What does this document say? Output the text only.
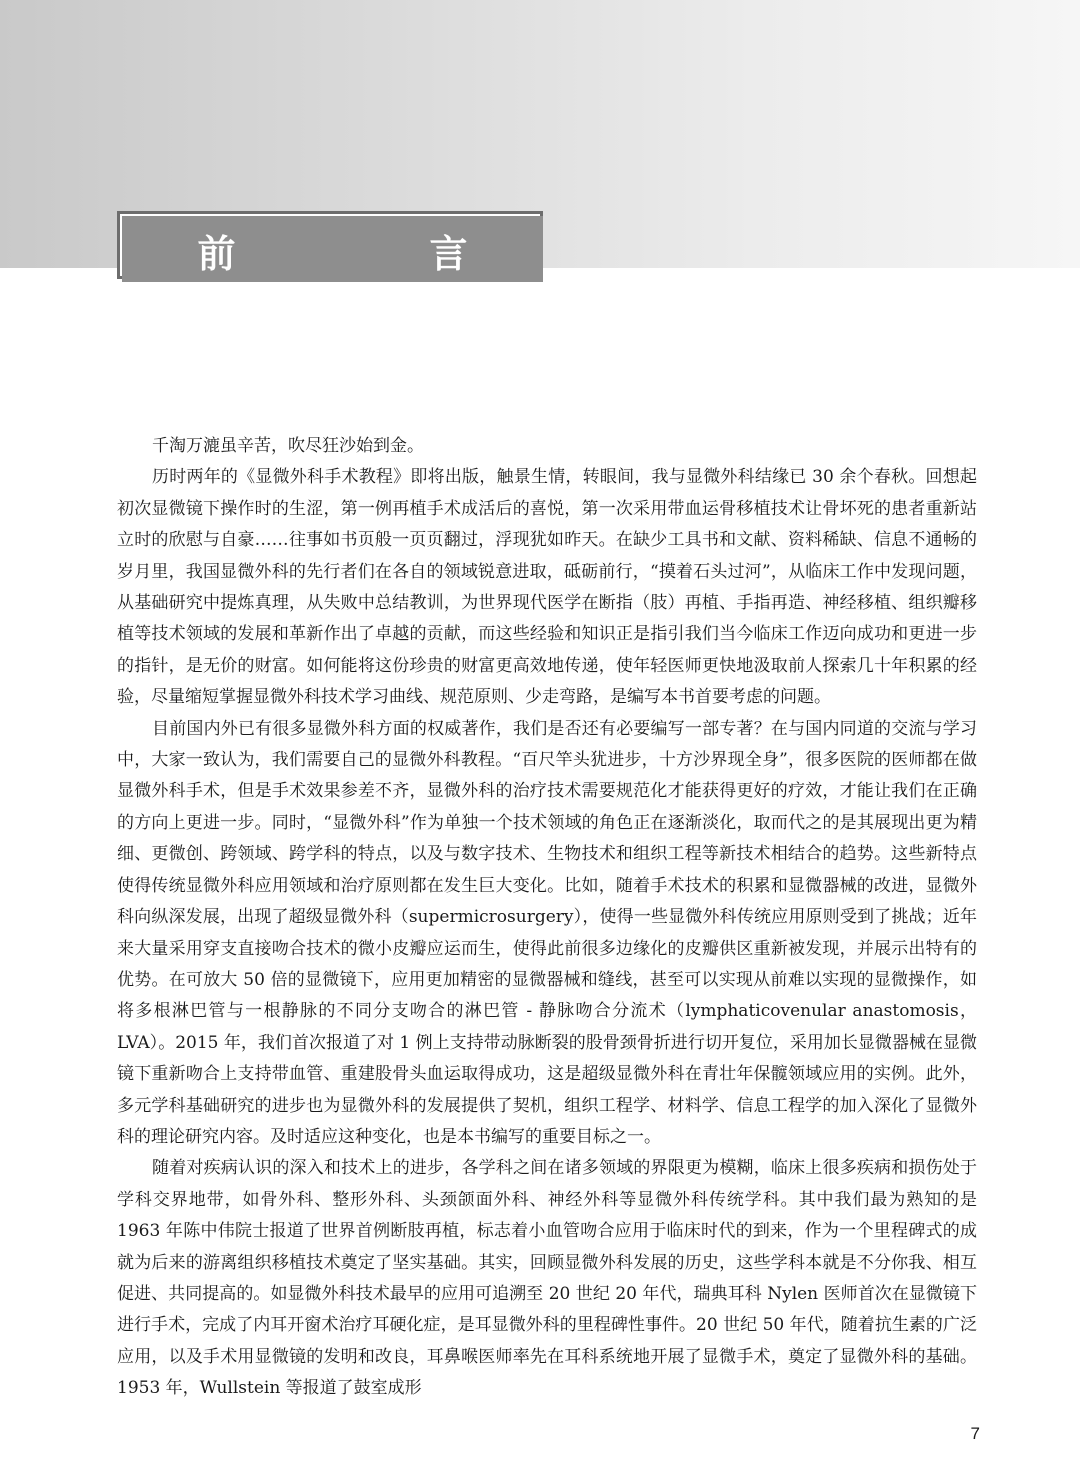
前　言

千淘万漉虽辛苦，吹尽狂沙始到金。

历时两年的《显微外科手术教程》即将出版，触景生情，转眼间，我与显微外科结缘已 30 余个春秋。回想起初次显微镜下操作时的生涩，第一例再植手术成活后的喜悦，第一次采用带血运骨移植技术让骨坏死的患者重新站立时的欣慰与自豪……往事如书页般一页页翻过，浮现犹如昨天。在缺少工具书和文献、资料稀缺、信息不通畅的岁月里，我国显微外科的先行者们在各自的领域锐意进取，砥砺前行，“摸着石头过河”，从临床工作中发现问题，从基础研究中提炼真理，从失败中总结教训，为世界现代医学在断指（肢）再植、手指再造、神经移植、组织瓣移植等技术领域的发展和革新作出了卓越的贡献，而这些经验和知识正是指引我们当今临床工作迈向成功和更进一步的指针，是无价的财富。如何能将这份珍贵的财富更高效地传递，使年轻医师更快地汲取前人探索几十年积累的经验，尽量缩短掌握显微外科技术学习曲线、规范原则、少走弯路，是编写本书首要考虑的问题。

目前国内外已有很多显微外科方面的权威著作，我们是否还有必要编写一部专著？在与国内同道的交流与学习中，大家一致认为，我们需要自己的显微外科教程。“百尺竿头犹进步，十方沙界现全身”，很多医院的医师都在做显微外科手术，但是手术效果参差不齐，显微外科的治疗技术需要规范化才能获得更好的疗效，才能让我们在正确的方向上更进一步。同时，“显微外科”作为单独一个技术领域的角色正在逐渐淡化，取而代之的是其展现出更为精细、更微创、跨领域、跨学科的特点，以及与数字技术、生物技术和组织工程等新技术相结合的趋势。这些新特点使得传统显微外科应用领域和治疗原则都在发生巨大变化。比如，随着手术技术的积累和显微器械的改进，显微外科向纵深发展，出现了超级显微外科（supermicrosurgery），使得一些显微外科传统应用原则受到了挑战；近年来大量采用穿支直接吻合技术的微小皮瓣应运而生，使得此前很多边缘化的皮瓣供区重新被发现，并展示出特有的优势。在可放大 50 倍的显微镜下，应用更加精密的显微器械和缝线，甚至可以实现从前难以实现的显微操作，如将多根淋巴管与一根静脉的不同分支吻合的淋巴管 - 静脉吻合分流术（lymphaticovenular anastomosis，LVA）。2015 年，我们首次报道了对 1 例上支持带动脉断裂的股骨颈骨折进行切开复位，采用加长显微器械在显微镜下重新吻合上支持带血管、重建股骨头血运取得成功，这是超级显微外科在青壮年保髋领域应用的实例。此外，多元学科基础研究的进步也为显微外科的发展提供了契机，组织工程学、材料学、信息工程学的加入深化了显微外科的理论研究内容。及时适应这种变化，也是本书编写的重要目标之一。

随着对疾病认识的深入和技术上的进步，各学科之间在诸多领域的界限更为模糊，临床上很多疾病和损伤处于学科交界地带，如骨外科、整形外科、头颈颌面外科、神经外科等显微外科传统学科。其中我们最为熟知的是 1963 年陈中伟院士报道了世界首例断肢再植，标志着小血管吻合应用于临床时代的到来，作为一个里程碑式的成就为后来的游离组织移植技术奠定了坚实基础。其实，回顾显微外科发展的历史，这些学科本就是不分你我、相互促进、共同提高的。如显微外科技术最早的应用可追溯至 20 世纪 20 年代，瑞典耳科 Nylen 医师首次在显微镜下进行手术，完成了内耳开窗术治疗耳硬化症，是耳显微外科的里程碑性事件。20 世纪 50 年代，随着抗生素的广泛应用，以及手术用显微镜的发明和改良，耳鼻喉医师率先在耳科系统地开展了显微手术，奠定了显微外科的基础。1953 年，Wullstein 等报道了鼓室成形

7
